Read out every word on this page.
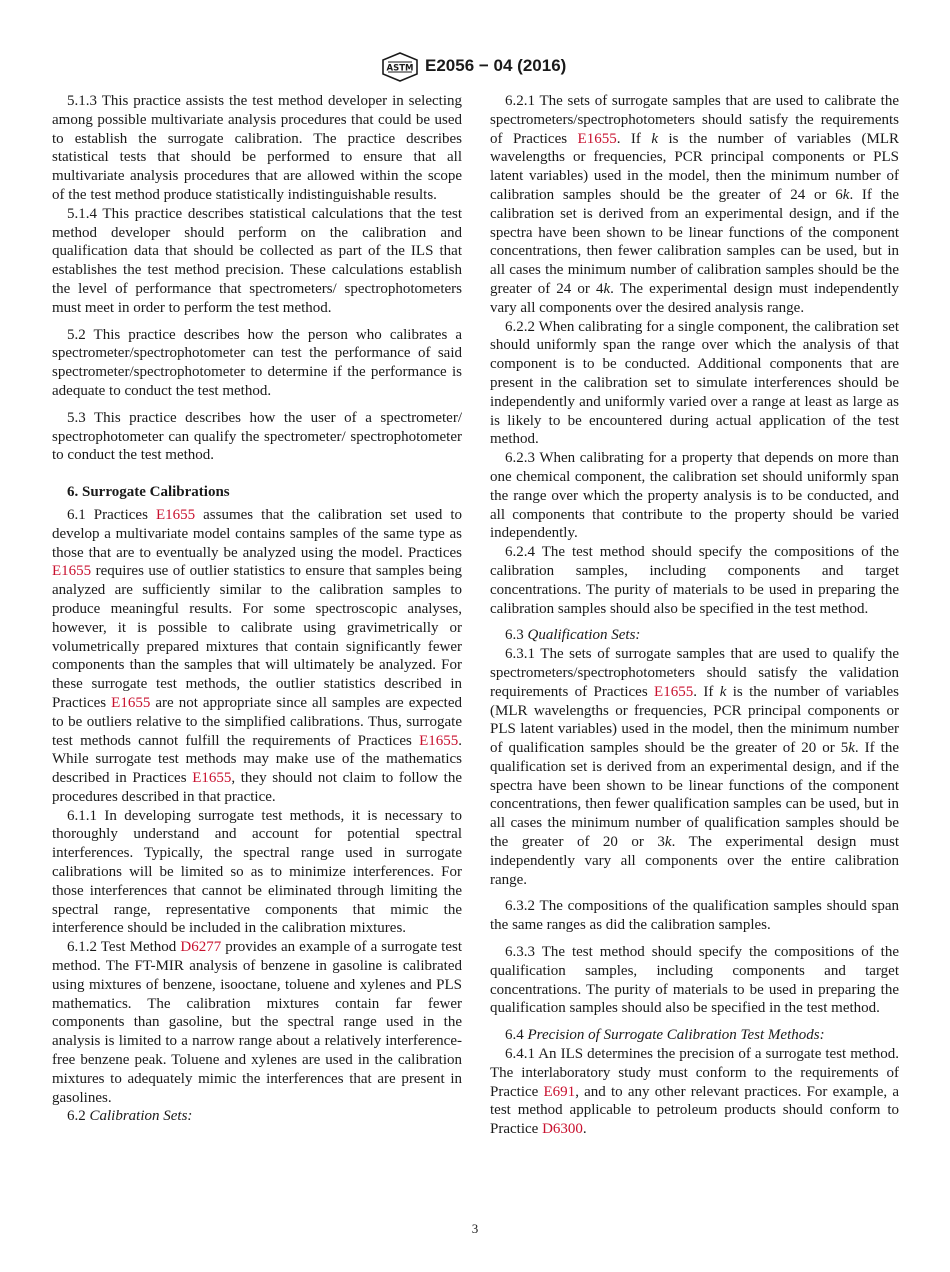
ASTM E2056 − 04 (2016)

5.1.3 This practice assists the test method developer in selecting among possible multivariate analysis procedures that could be used to establish the surrogate calibration. The practice describes statistical tests that should be performed to ensure that all multivariate analysis procedures that are allowed within the scope of the test method produce statistically indistinguishable results.

5.1.4 This practice describes statistical calculations that the test method developer should perform on the calibration and qualification data that should be collected as part of the ILS that establishes the test method precision. These calculations establish the level of performance that spectrometers/ spectrophotometers must meet in order to perform the test method.

5.2 This practice describes how the person who calibrates a spectrometer/spectrophotometer can test the performance of said spectrometer/spectrophotometer to determine if the performance is adequate to conduct the test method.

5.3 This practice describes how the user of a spectrometer/ spectrophotometer can qualify the spectrometer/ spectrophotometer to conduct the test method.

6. Surrogate Calibrations

6.1 Practices E1655 assumes that the calibration set used to develop a multivariate model contains samples of the same type as those that are to eventually be analyzed using the model. Practices E1655 requires use of outlier statistics to ensure that samples being analyzed are sufficiently similar to the calibration samples to produce meaningful results. For some spectroscopic analyses, however, it is possible to calibrate using gravimetrically or volumetrically prepared mixtures that contain significantly fewer components than the samples that will ultimately be analyzed. For these surrogate test methods, the outlier statistics described in Practices E1655 are not appropriate since all samples are expected to be outliers relative to the simplified calibrations. Thus, surrogate test methods cannot fulfill the requirements of Practices E1655. While surrogate test methods may make use of the mathematics described in Practices E1655, they should not claim to follow the procedures described in that practice.

6.1.1 In developing surrogate test methods, it is necessary to thoroughly understand and account for potential spectral interferences. Typically, the spectral range used in surrogate calibrations will be limited so as to minimize interferences. For those interferences that cannot be eliminated through limiting the spectral range, representative components that mimic the interference should be included in the calibration mixtures.

6.1.2 Test Method D6277 provides an example of a surrogate test method. The FT-MIR analysis of benzene in gasoline is calibrated using mixtures of benzene, isooctane, toluene and xylenes and PLS mathematics. The calibration mixtures contain far fewer components than gasoline, but the spectral range used in the analysis is limited to a narrow range about a relatively interference-free benzene peak. Toluene and xylenes are used in the calibration mixtures to adequately mimic the interferences that are present in gasolines.

6.2 Calibration Sets:

6.2.1 The sets of surrogate samples that are used to calibrate the spectrometers/spectrophotometers should satisfy the requirements of Practices E1655. If k is the number of variables (MLR wavelengths or frequencies, PCR principal components or PLS latent variables) used in the model, then the minimum number of calibration samples should be the greater of 24 or 6k. If the calibration set is derived from an experimental design, and if the spectra have been shown to be linear functions of the component concentrations, then fewer calibration samples can be used, but in all cases the minimum number of calibration samples should be the greater of 24 or 4k. The experimental design must independently vary all components over the desired analysis range.

6.2.2 When calibrating for a single component, the calibration set should uniformly span the range over which the analysis of that component is to be conducted. Additional components that are present in the calibration set to simulate interferences should be independently and uniformly varied over a range at least as large as is likely to be encountered during actual application of the test method.

6.2.3 When calibrating for a property that depends on more than one chemical component, the calibration set should uniformly span the range over which the property analysis is to be conducted, and all components that contribute to the property should be varied independently.

6.2.4 The test method should specify the compositions of the calibration samples, including components and target concentrations. The purity of materials to be used in preparing the calibration samples should also be specified in the test method.

6.3 Qualification Sets:

6.3.1 The sets of surrogate samples that are used to qualify the spectrometers/spectrophotometers should satisfy the validation requirements of Practices E1655. If k is the number of variables (MLR wavelengths or frequencies, PCR principal components or PLS latent variables) used in the model, then the minimum number of qualification samples should be the greater of 20 or 5k. If the qualification set is derived from an experimental design, and if the spectra have been shown to be linear functions of the component concentrations, then fewer qualification samples can be used, but in all cases the minimum number of qualification samples should be the greater of 20 or 3k. The experimental design must independently vary all components over the entire calibration range.

6.3.2 The compositions of the qualification samples should span the same ranges as did the calibration samples.

6.3.3 The test method should specify the compositions of the qualification samples, including components and target concentrations. The purity of materials to be used in preparing the qualification samples should also be specified in the test method.

6.4 Precision of Surrogate Calibration Test Methods:

6.4.1 An ILS determines the precision of a surrogate test method. The interlaboratory study must conform to the requirements of Practice E691, and to any other relevant practices. For example, a test method applicable to petroleum products should conform to Practice D6300.

3
